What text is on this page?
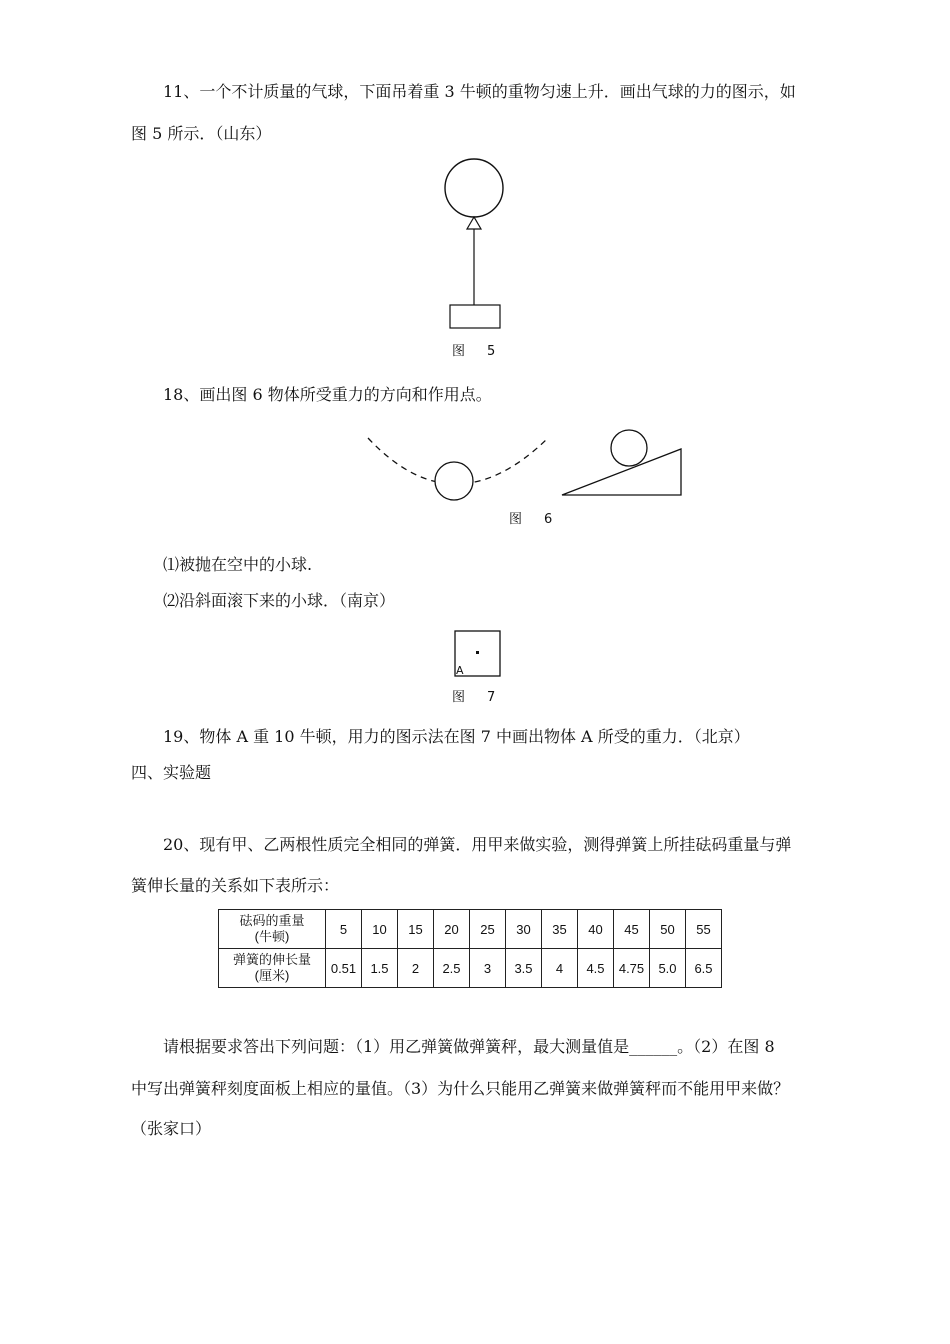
11、一个不计质量的气球，下面吊着重 3 牛顿的重物匀速上升．画出气球的力的图示，如
图 5 所示．（山东）
图 5
18、画出图 6 物体所受重力的方向和作用点。
图 6
⑴被抛在空中的小球.
⑵沿斜面滚下来的小球．（南京）
A
图 7
19、物体 A 重 10 牛顿，用力的图示法在图 7 中画出物体 A 所受的重力．（北京）
四、实验题
20、现有甲、乙两根性质完全相同的弹簧．用甲来做实验，测得弹簧上所挂砝码重量与弹
簧伸长量的关系如下表所示：
砝码的重量
(牛顿)	5	10	15	20	25	30	35	40	45	50	55

弹簧的伸长量
(厘米)	0.51	1.5	2	2.5	3	3.5	4	4.5	4.75	5.0	6.5
请根据要求答出下列问题：（1）用乙弹簧做弹簧秤，最大测量值是______。（2）在图 8
中写出弹簧秤刻度面板上相应的量值。（3）为什么只能用乙弹簧来做弹簧秤而不能用甲来做？
（张家口）
